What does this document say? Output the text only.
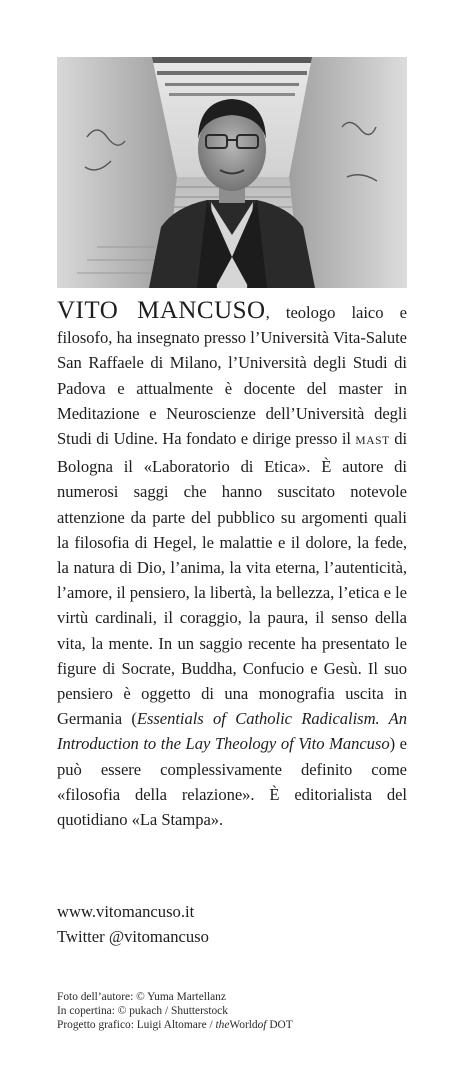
VITO MANCUSO, teologo laico e filosofo, ha insegnato presso l’Università Vita-Salute San Raffaele di Milano, l’Università degli Studi di Padova e attualmente è docente del master in Meditazione e Neuroscienze dell’Università degli Studi di Udine. Ha fondato e dirige presso il MAST di Bologna il «Laboratorio di Etica». È autore di numerosi saggi che hanno suscitato notevole attenzione da parte del pubblico su argomenti quali la filosofia di Hegel, le malattie e il dolore, la fede, la natura di Dio, l’anima, la vita eterna, l’autenticità, l’amore, il pensiero, la libertà, la bellezza, l’etica e le virtù cardinali, il coraggio, la paura, il senso della vita, la mente. In un saggio recente ha presentato le figure di Socrate, Buddha, Confucio e Gesù. Il suo pensiero è oggetto di una monografia uscita in Germania (Essentials of Catholic Radicalism. An Introduction to the Lay Theology of Vito Mancuso) e può essere complessivamente definito come «filosofia della relazione». È editorialista del quotidiano «La Stampa».
www.vitomancuso.it
Twitter @vitomancuso
Foto dell’autore: © Yuma Martellanz
In copertina: © pukach / Shutterstock
Progetto grafico: Luigi Altomare / theWorldof DOT
